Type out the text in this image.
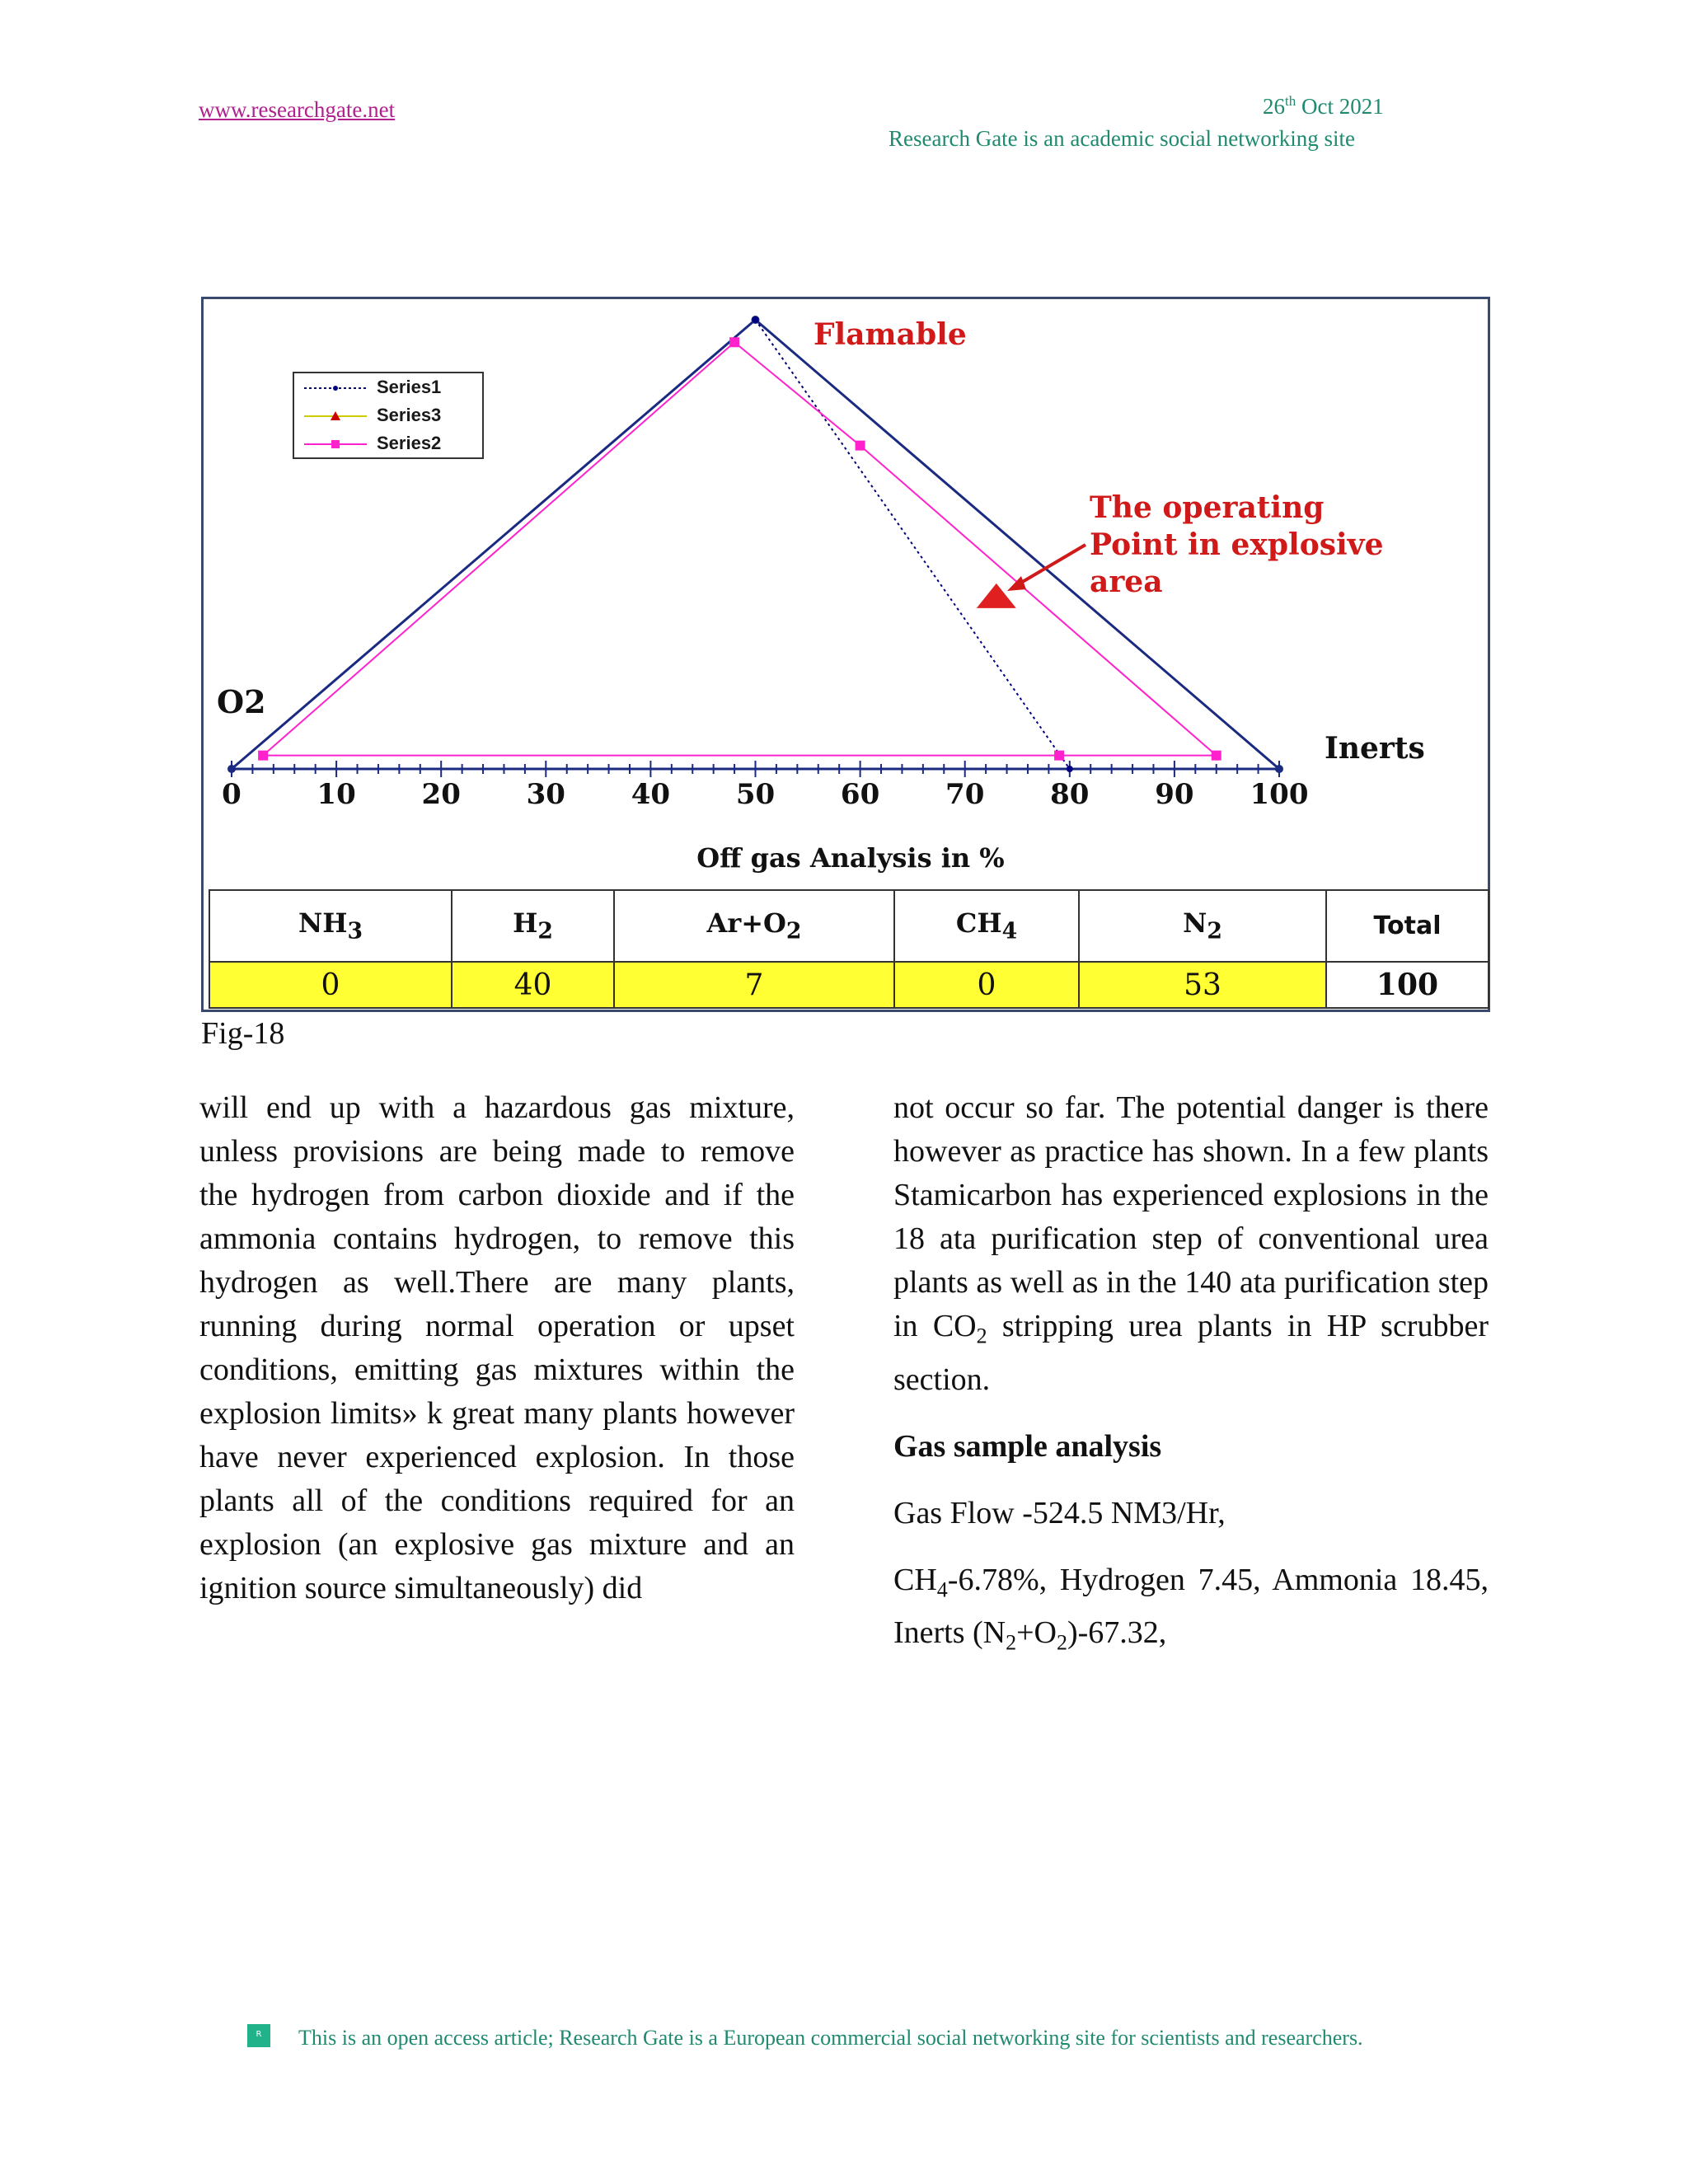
www.researchgate.net	26th Oct 2021
Research Gate is an academic social networking site
0	10 20 30 40 50 60 70 80 90 100
Off gas Analysis in %
Flamable
The operating
Point in explosive
area
O2
Inerts
Series1
Series3
Series2
$NH_3$	$H_2$	$Ar+O_2$	$CH_4$	$N_2$	Total
0	40	7	0	53	100
Fig-18

will end up with a hazardous gas mixture, unless provisions are being made to remove the hydrogen from carbon dioxide and if the ammonia contains hydrogen, to remove this hydrogen as well.There are many plants, running during normal operation or upset conditions, emitting gas mixtures within the explosion limits» k great many plants however have never experienced explosion. In those plants all of the conditions required for an explosion (an explosive gas mixture and an ignition source simultaneously) did

not occur so far. The potential danger is there however as practice has shown. In a few plants Stamicarbon has experienced explosions in the 18 ata purification step of conventional urea plants as well as in the 140 ata purification step in $CO_2$ stripping urea plants in HP scrubber section.

Gas sample analysis

Gas Flow -524.5 NM3/Hr,

$CH_4-6.78\%$, Hydrogen 7.45, Ammonia 18.45, Inerts $(N_2+O_2)-67.32$,

R	This is an open access article; Research Gate is a European commercial social networking site for scientists and researchers.
